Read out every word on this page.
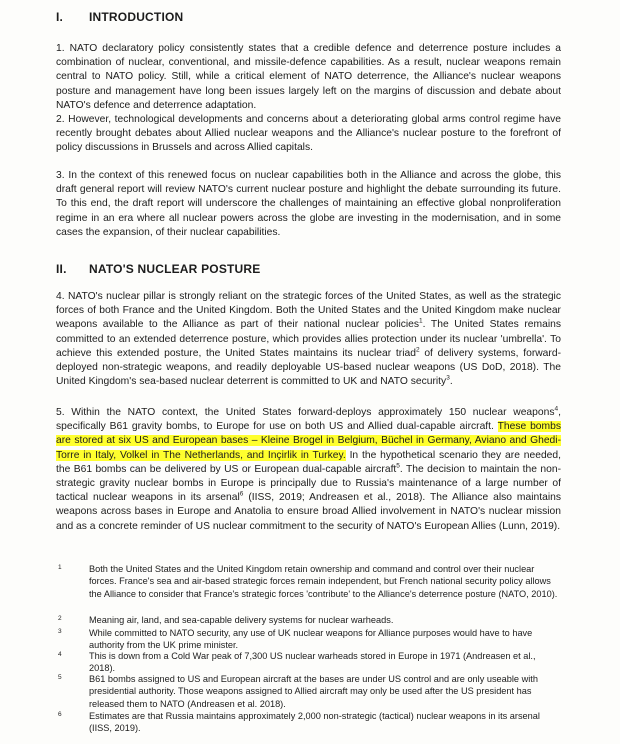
I. INTRODUCTION

1. NATO declaratory policy consistently states that a credible defence and deterrence posture includes a combination of nuclear, conventional, and missile-defence capabilities. As a result, nuclear weapons remain central to NATO policy. Still, while a critical element of NATO deterrence, the Alliance's nuclear weapons posture and management have long been issues largely left on the margins of discussion and debate about NATO's defence and deterrence adaptation.

2. However, technological developments and concerns about a deteriorating global arms control regime have recently brought debates about Allied nuclear weapons and the Alliance's nuclear posture to the forefront of policy discussions in Brussels and across Allied capitals.

3. In the context of this renewed focus on nuclear capabilities both in the Alliance and across the globe, this draft general report will review NATO's current nuclear posture and highlight the debate surrounding its future. To this end, the draft report will underscore the challenges of maintaining an effective global nonproliferation regime in an era where all nuclear powers across the globe are investing in the modernisation, and in some cases the expansion, of their nuclear capabilities.

II. NATO'S NUCLEAR POSTURE

4. NATO's nuclear pillar is strongly reliant on the strategic forces of the United States, as well as the strategic forces of both France and the United Kingdom. Both the United States and the United Kingdom make nuclear weapons available to the Alliance as part of their national nuclear policies$^1$. The United States remains committed to an extended deterrence posture, which provides allies protection under its nuclear 'umbrella'. To achieve this extended posture, the United States maintains its nuclear triad$^2$ of delivery systems, forward-deployed non-strategic weapons, and readily deployable US-based nuclear weapons (US DoD, 2018). The United Kingdom's sea-based nuclear deterrent is committed to UK and NATO security$^3$.

5. Within the NATO context, the United States forward-deploys approximately 150 nuclear weapons$^4$, specifically B61 gravity bombs, to Europe for use on both US and Allied dual-capable aircraft. These bombs are stored at six US and European bases – Kleine Brogel in Belgium, Büchel in Germany, Aviano and Ghedi-Torre in Italy, Volkel in The Netherlands, and Inçirlik in Turkey. In the hypothetical scenario they are needed, the B61 bombs can be delivered by US or European dual-capable aircraft$^5$. The decision to maintain the non-strategic gravity nuclear bombs in Europe is principally due to Russia's maintenance of a large number of tactical nuclear weapons in its arsenal$^6$ (IISS, 2019; Andreasen et al., 2018). The Alliance also maintains weapons across bases in Europe and Anatolia to ensure broad Allied involvement in NATO's nuclear mission and as a concrete reminder of US nuclear commitment to the security of NATO's European Allies (Lunn, 2019).

1	Both the United States and the United Kingdom retain ownership and command and control over their nuclear forces. France's sea and air-based strategic forces remain independent, but French national security policy allows the Alliance to consider that France's strategic forces 'contribute' to the Alliance's deterrence posture (NATO, 2010).
2	Meaning air, land, and sea-capable delivery systems for nuclear warheads.
3	While committed to NATO security, any use of UK nuclear weapons for Alliance purposes would have to have authority from the UK prime minister.
4	This is down from a Cold War peak of 7,300 US nuclear warheads stored in Europe in 1971 (Andreasen et al., 2018).
5	B61 bombs assigned to US and European aircraft at the bases are under US control and are only useable with presidential authority. Those weapons assigned to Allied aircraft may only be used after the US president has released them to NATO (Andreasen et al. 2018).
6	Estimates are that Russia maintains approximately 2,000 non-strategic (tactical) nuclear weapons in its arsenal (IISS, 2019).
